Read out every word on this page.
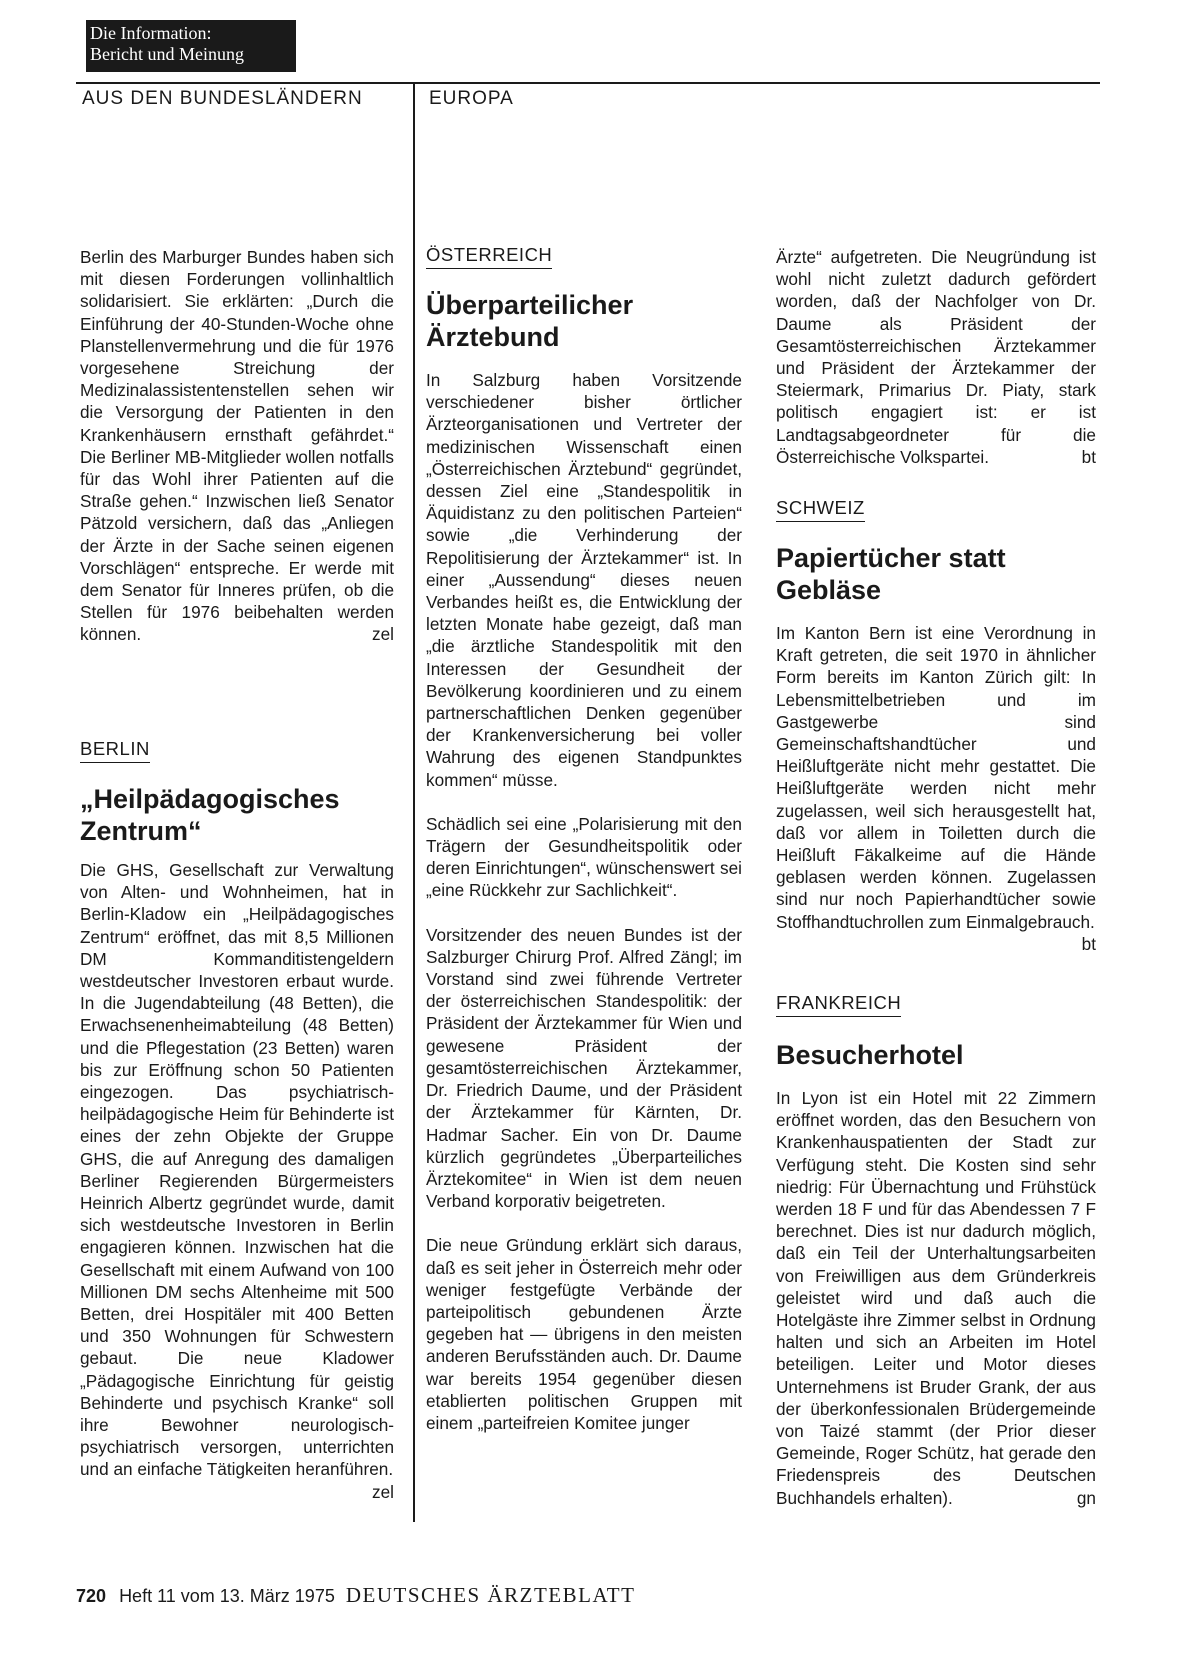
Die Information:
Bericht und Meinung
AUS DEN BUNDESLÄNDERN	EUROPA
Berlin des Marburger Bundes haben sich mit diesen Forderungen vollinhaltlich solidarisiert. Sie erklärten: „Durch die Einführung der 40-Stunden-Woche ohne Planstellenvermehrung und die für 1976 vorgesehene Streichung der Medizinalassistentenstellen sehen wir die Versorgung der Patienten in den Krankenhäusern ernsthaft gefährdet.“ Die Berliner MB-Mitglieder wollen notfalls für das Wohl ihrer Patienten auf die Straße gehen.“ Inzwischen ließ Senator Pätzold versichern, daß das „Anliegen der Ärzte in der Sache seinen eigenen Vorschlägen“ entspreche. Er werde mit dem Senator für Inneres prüfen, ob die Stellen für 1976 beibehalten werden können.	zel
BERLIN
„Heilpädagogisches Zentrum“
Die GHS, Gesellschaft zur Verwaltung von Alten- und Wohnheimen, hat in Berlin-Kladow ein „Heilpädagogisches Zentrum“ eröffnet, das mit 8,5 Millionen DM Kommanditistengeldern westdeutscher Investoren erbaut wurde. In die Jugendabteilung (48 Betten), die Erwachsenenheimabteilung (48 Betten) und die Pflegestation (23 Betten) waren bis zur Eröffnung schon 50 Patienten eingezogen. Das psychiatrisch-heilpädagogische Heim für Behinderte ist eines der zehn Objekte der Gruppe GHS, die auf Anregung des damaligen Berliner Regierenden Bürgermeisters Heinrich Albertz gegründet wurde, damit sich westdeutsche Investoren in Berlin engagieren können. Inzwischen hat die Gesellschaft mit einem Aufwand von 100 Millionen DM sechs Altenheime mit 500 Betten, drei Hospitäler mit 400 Betten und 350 Wohnungen für Schwestern gebaut. Die neue Kladower „Pädagogische Einrichtung für geistig Behinderte und psychisch Kranke“ soll ihre Bewohner neurologisch-psychiatrisch versorgen, unterrichten und an einfache Tätigkeiten heranführen.
zel
ÖSTERREICH
Überparteilicher Ärztebund

In Salzburg haben Vorsitzende verschiedener bisher örtlicher Ärzteorganisationen und Vertreter der medizinischen Wissenschaft einen „Österreichischen Ärztebund“ gegründet, dessen Ziel eine „Standespolitik in Äquidistanz zu den politischen Parteien“ sowie „die Verhinderung der Repolitisierung der Ärztekammer“ ist. In einer „Aussendung“ dieses neuen Verbandes heißt es, die Entwicklung der letzten Monate habe gezeigt, daß man „die ärztliche Standespolitik mit den Interessen der Gesundheit der Bevölkerung koordinieren und zu einem partnerschaftlichen Denken gegenüber der Krankenversicherung bei voller Wahrung des eigenen Standpunktes kommen“ müsse.

Schädlich sei eine „Polarisierung mit den Trägern der Gesundheitspolitik oder deren Einrichtungen“, wünschenswert sei „eine Rückkehr zur Sachlichkeit“.

Vorsitzender des neuen Bundes ist der Salzburger Chirurg Prof. Alfred Zängl; im Vorstand sind zwei führende Vertreter der österreichischen Standespolitik: der Präsident der Ärztekammer für Wien und gewesene Präsident der gesamtösterreichischen Ärztekammer, Dr. Friedrich Daume, und der Präsident der Ärztekammer für Kärnten, Dr. Hadmar Sacher. Ein von Dr. Daume kürzlich gegründetes „Überparteiliches Ärztekomitee“ in Wien ist dem neuen Verband korporativ beigetreten.

Die neue Gründung erklärt sich daraus, daß es seit jeher in Österreich mehr oder weniger festgefügte Verbände der parteipolitisch gebundenen Ärzte gegeben hat — übrigens in den meisten anderen Berufsständen auch. Dr. Daume war bereits 1954 gegenüber diesen etablierten politischen Gruppen mit einem „parteifreien Komitee junger

Ärzte“ aufgetreten. Die Neugründung ist wohl nicht zuletzt dadurch gefördert worden, daß der Nachfolger von Dr. Daume als Präsident der Gesamtösterreichischen Ärztekammer und Präsident der Ärztekammer der Steiermark, Primarius Dr. Piaty, stark politisch engagiert ist: er ist Landtagsabgeordneter für die Österreichische Volkspartei.	bt
SCHWEIZ
Papiertücher statt Gebläse
Im Kanton Bern ist eine Verordnung in Kraft getreten, die seit 1970 in ähnlicher Form bereits im Kanton Zürich gilt: In Lebensmittelbetrieben und im Gastgewerbe sind Gemeinschaftshandtücher und Heißluftgeräte nicht mehr gestattet. Die Heißluftgeräte werden nicht mehr zugelassen, weil sich herausgestellt hat, daß vor allem in Toiletten durch die Heißluft Fäkalkeime auf die Hände geblasen werden können. Zugelassen sind nur noch Papierhandtücher sowie Stoffhandtuchrollen zum Einmalgebrauch.
bt
FRANKREICH
Besucherhotel
In Lyon ist ein Hotel mit 22 Zimmern eröffnet worden, das den Besuchern von Krankenhauspatienten der Stadt zur Verfügung steht. Die Kosten sind sehr niedrig: Für Übernachtung und Frühstück werden 18 F und für das Abendessen 7 F berechnet. Dies ist nur dadurch möglich, daß ein Teil der Unterhaltungsarbeiten von Freiwilligen aus dem Gründerkreis geleistet wird und daß auch die Hotelgäste ihre Zimmer selbst in Ordnung halten und sich an Arbeiten im Hotel beteiligen. Leiter und Motor dieses Unternehmens ist Bruder Grank, der aus der überkonfessionalen Brüdergemeinde von Taizé stammt (der Prior dieser Gemeinde, Roger Schütz, hat gerade den Friedenspreis des Deutschen Buchhandels erhalten).	gn
720 Heft 11 vom 13. März 1975 DEUTSCHES ÄRZTEBLATT
